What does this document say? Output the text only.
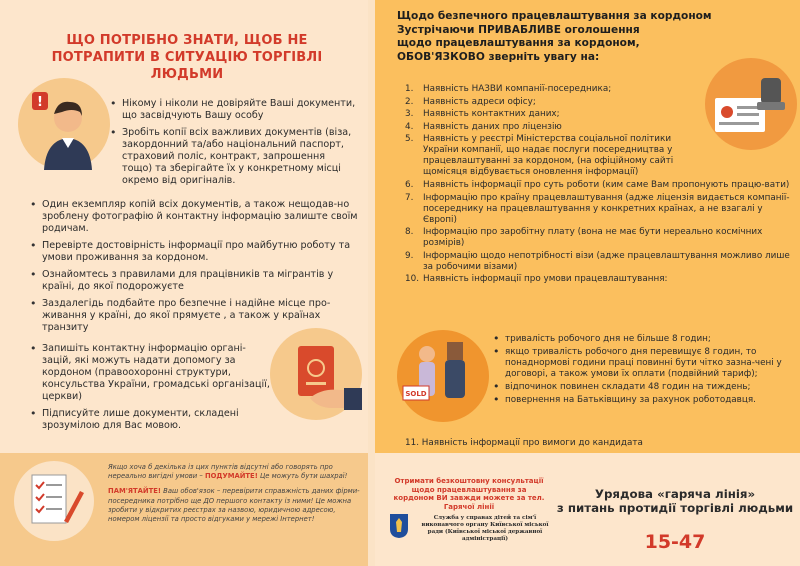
ЩО ПОТРІБНО ЗНАТИ, ЩОБ НЕ ПОТРАПИТИ В СИТУАЦІЮ ТОРГІВЛІ ЛЮДЬМИ
!
•	Нікому і ніколи не довіряйте Ваші документи, що засвідчують Вашу особу
• Зробіть копії всіх важливих документів (віза, закордонний та/або національний паспорт, страховий поліс, контракт, запрошення тощо) та зберігайте їх у конкретному місці окремо від оригіналів.
• Один екземпляр копій всіх документів, а також нещодав-но зроблену фотографію й контактну інформацію залиште своїм родичам.
• Перевірте достовірність інформації про майбутню роботу та умови проживання за кордоном.
• Ознайомтесь з правилами для працівників та мігрантів у країні, до якої подорожуєте
• Заздалегідь подбайте про безпечне і надійне місце про-живання у країні, до якої прямуєте , а також у країнах транзиту
• Запишіть контактну інформацію органі-зацій, які можуть надати допомогу за кордоном (правоохоронні структури, консульства України, громадські організації, церкви)
• Підписуйте лише документи, складені зрозумілою для Вас мовою.
Щодо безпечного працевлаштування за кордоном
Зустрічаючи ПРИВАБЛИВЕ оголошення
щодо працевлаштування за кордоном,
ОБОВ'ЯЗКОВО зверніть увагу на:
1. Наявність НАЗВИ компанії-посередника;
2. Наявність адреси офісу;
3. Наявність контактних даних;
4. Наявність даних про ліцензію
5. Наявність у реєстрі Міністерства соціальної політики України компанії, що надає послуги посередництва у працевлаштуванні за кордоном, (на офіційному сайті щомісяця відбувається оновлення інформації)
6. Наявність інформації про суть роботи (ким саме Вам пропонують працю-вати)
7. Інформацію про країну працевлаштування (адже ліцензія видається компанії-посереднику на працевлаштування у конкретних країнах, а не взагалі у Європі)
8. Інформацію про заробітну плату (вона не має бути нереально космічних розмірів)
9. Інформацію щодо непотрібності візи (адже працевлаштування можливо лише за робочими візами)
10. Наявність інформації про умови працевлаштування:
SOLD
• тривалість робочого дня не більше 8 годин;
• якщо тривалість робочого дня перевищує 8 годин, то понаднормові години праці повинні бути чітко зазна-чені у договорі, а також умови їх оплати (подвійний тариф);
• відпочинок повинен складати 48 годин на тиждень;
• повернення на Батьківщину за рахунок роботодавця.
11. Наявність інформації про вимоги до кандидата

Якщо хоча б декілька із цих пунктів відсутні або говорять про нереально вигідні умови – ПОДУМАЙТЕ! Це можуть бути шахраї!

ПАМ'ЯТАЙТЕ! Ваш обов'язок – перевірити справжність даних фірми-посередника потрібно ще ДО першого контакту із ними! Це можна зробити у відкритих реєстрах за назвою, юридичною адресою, номером ліцензії та просто відгуками у мережі Інтернет!

Отримати безкоштовну консультації щодо працевлаштування за кордоном ВИ завжди можете за тел. Гарячої лінії
Служба у справах дітей та сім'ї виконавчого органу Київської міської ради (Київської міської державної адміністрації)
Урядова «гаряча лінія»
з питань протидії торгівлі людьми
15-47
